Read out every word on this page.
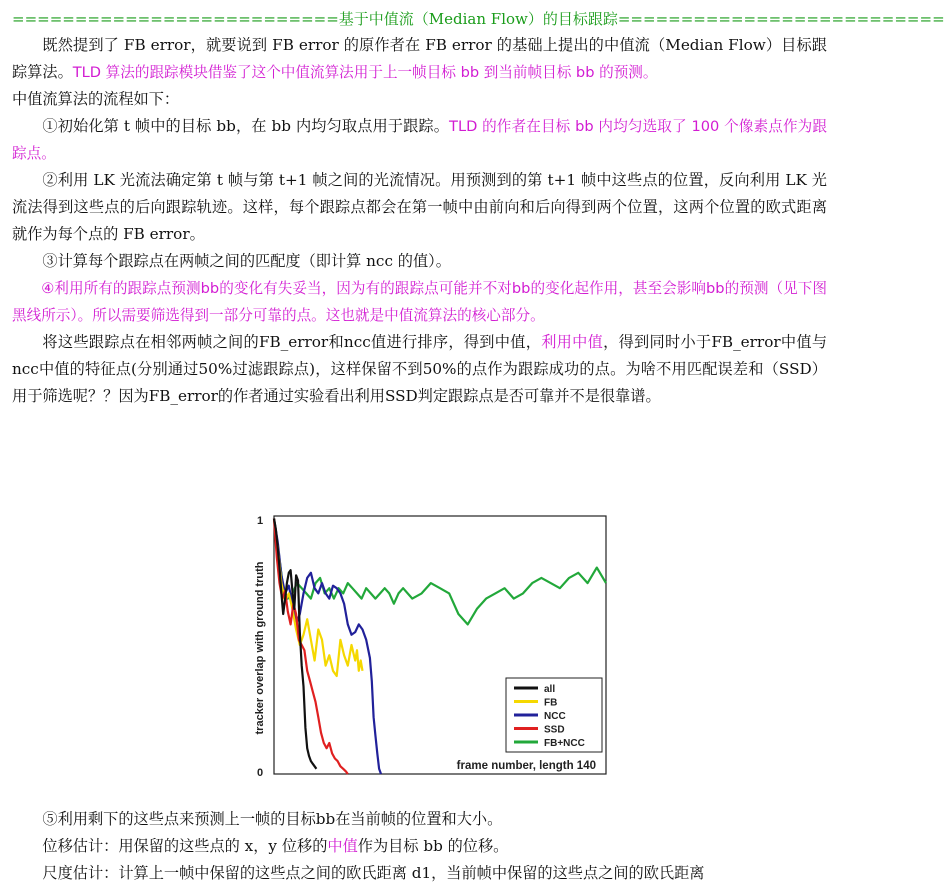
==========================基于中值流（Median Flow）的目标跟踪==========================

既然提到了 FB error，就要说到 FB error 的原作者在 FB error 的基础上提出的中值流（Median Flow）目标跟踪算法。TLD 算法的跟踪模块借鉴了这个中值流算法用于上一帧目标 bb 到当前帧目标 bb 的预测。

中值流算法的流程如下：

①初始化第 t 帧中的目标 bb，在 bb 内均匀取点用于跟踪。TLD 的作者在目标 bb 内均匀选取了 100 个像素点作为跟踪点。

②利用 LK 光流法确定第 t 帧与第 t+1 帧之间的光流情况。用预测到的第 t+1 帧中这些点的位置，反向利用 LK 光流法得到这些点的后向跟踪轨迹。这样，每个跟踪点都会在第一帧中由前向和后向得到两个位置，这两个位置的欧式距离就作为每个点的 FB error。

③计算每个跟踪点在两帧之间的匹配度（即计算 ncc 的值）。

④利用所有的跟踪点预测bb的变化有失妥当，因为有的跟踪点可能并不对bb的变化起作用，甚至会影响bb的预测（见下图黑线所示）。所以需要筛选得到一部分可靠的点。这也就是中值流算法的核心部分。

将这些跟踪点在相邻两帧之间的FB_error和ncc值进行排序，得到中值，利用中值，得到同时小于FB_error中值与ncc中值的特征点(分别通过50%过滤跟踪点)，这样保留不到50%的点作为跟踪成功的点。为啥不用匹配误差和（SSD）用于筛选呢？？因为FB_error的作者通过实验看出利用SSD判定跟踪点是否可靠并不是很靠谱。

tracker overlap with ground truth
1
0
frame number, length 140
all
FB
NCC
SSD
FB+NCC

⑤利用剩下的这些点来预测上一帧的目标bb在当前帧的位置和大小。

位移估计：用保留的这些点的 x，y 位移的中值作为目标 bb 的位移。

尺度估计：计算上一帧中保留的这些点之间的欧氏距离 d1，当前帧中保留的这些点之间的欧氏距离
